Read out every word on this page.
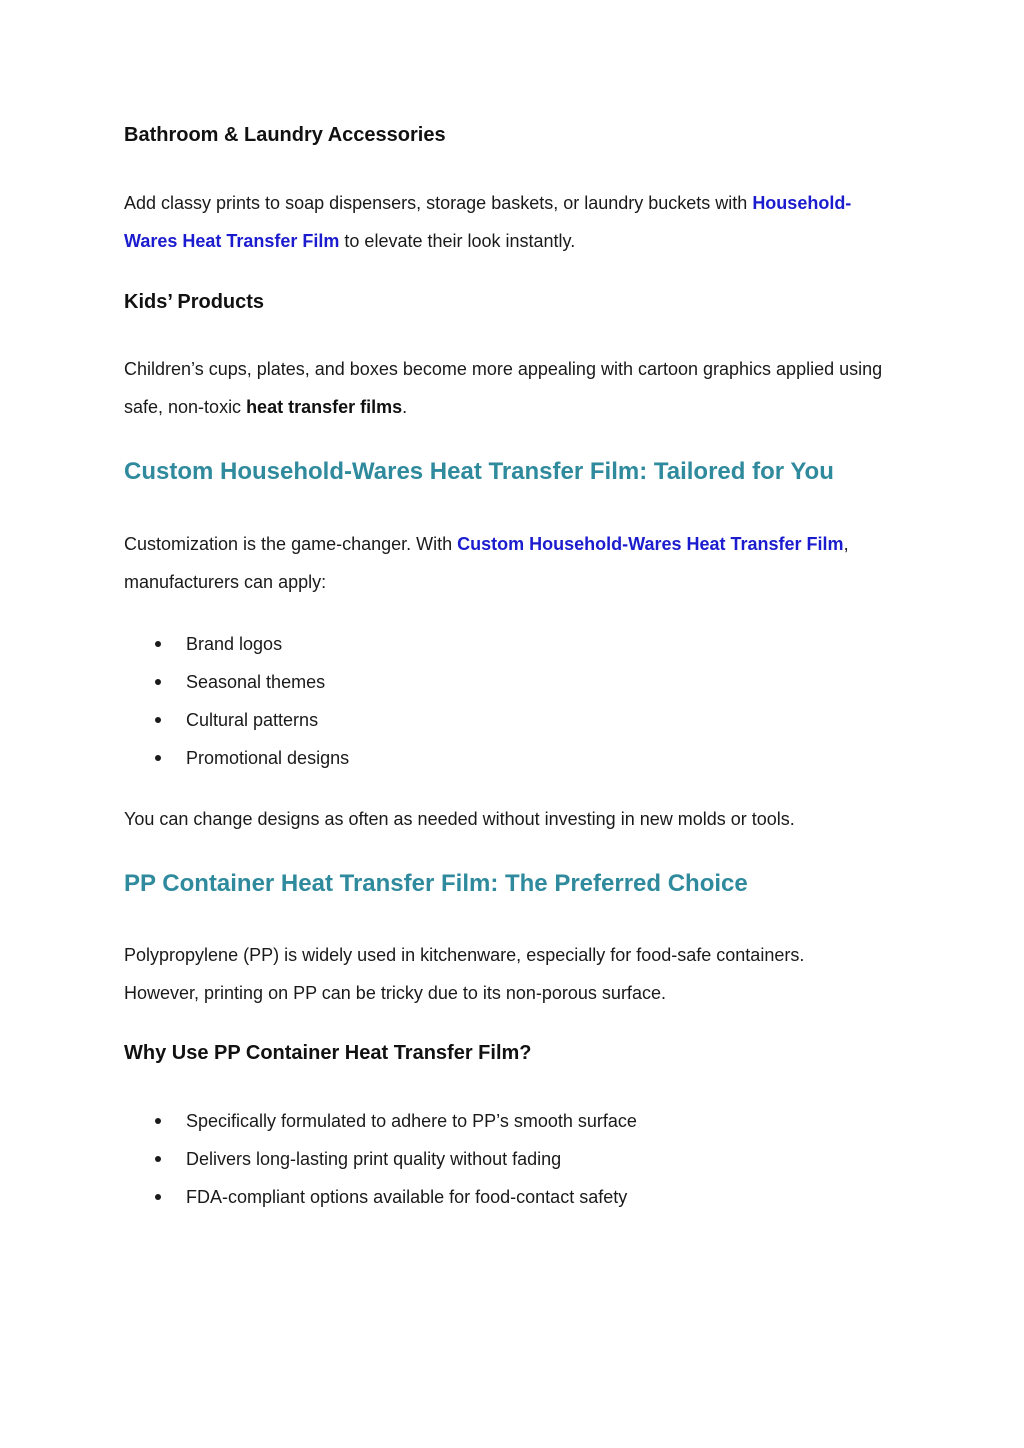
Bathroom & Laundry Accessories
Add classy prints to soap dispensers, storage baskets, or laundry buckets with Household-
Wares Heat Transfer Film to elevate their look instantly.
Kids’ Products
Children’s cups, plates, and boxes become more appealing with cartoon graphics applied using safe, non-toxic heat transfer films.
Custom Household-Wares Heat Transfer Film: Tailored for You
Customization is the game-changer. With Custom Household-Wares Heat Transfer Film, manufacturers can apply:
Brand logos
Seasonal themes
Cultural patterns
Promotional designs
You can change designs as often as needed without investing in new molds or tools.
PP Container Heat Transfer Film: The Preferred Choice
Polypropylene (PP) is widely used in kitchenware, especially for food-safe containers. However, printing on PP can be tricky due to its non-porous surface.
Why Use PP Container Heat Transfer Film?
Specifically formulated to adhere to PP’s smooth surface
Delivers long-lasting print quality without fading
FDA-compliant options available for food-contact safety
